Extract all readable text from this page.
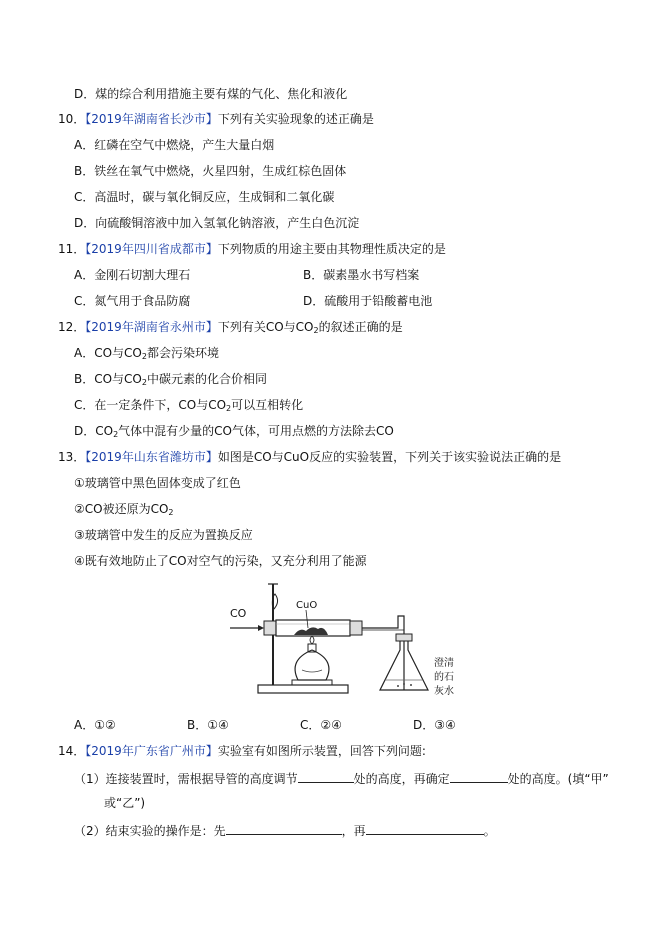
D．煤的综合利用措施主要有煤的气化、焦化和液化
10．【2019年湖南省长沙市】下列有关实验现象的述正确是
A．红磷在空气中燃烧，产生大量白烟
B．铁丝在氧气中燃烧，火星四射，生成红棕色固体
C．高温时，碳与氧化铜反应，生成铜和二氧化碳
D．向硫酸铜溶液中加入氢氧化钠溶液，产生白色沉淀
11．【2019年四川省成都市】下列物质的用途主要由其物理性质决定的是
A．金刚石切割大理石	B．碳素墨水书写档案
C．氮气用于食品防腐	D．硫酸用于铅酸蓄电池
12．【2019年湖南省永州市】下列有关CO与$CO_2$的叙述正确的是
A．CO与$CO_2$都会污染环境
B．CO与$CO_2$中碳元素的化合价相同
C．在一定条件下，CO与$CO_2$可以互相转化
D．$CO_2$气体中混有少量的CO气体，可用点燃的方法除去CO
13．【2019年山东省潍坊市】如图是CO与CuO反应的实验装置，下列关于该实验说法正确的是
①玻璃管中黑色固体变成了红色
②CO被还原为$CO_2$
③玻璃管中发生的反应为置换反应
④既有效地防止了CO对空气的污染，又充分利用了能源
CO
CuO
澄清
的石
灰水
A．①②	B．①④	C．②④	D．③④
14．【2019年广东省广州市】实验室有如图所示装置，回答下列问题:
（1）连接装置时，需根据导管的高度调节	处的高度，再确定	处的高度。(填“甲”
或“乙”)
（2）结束实验的操作是：先	，再	。
